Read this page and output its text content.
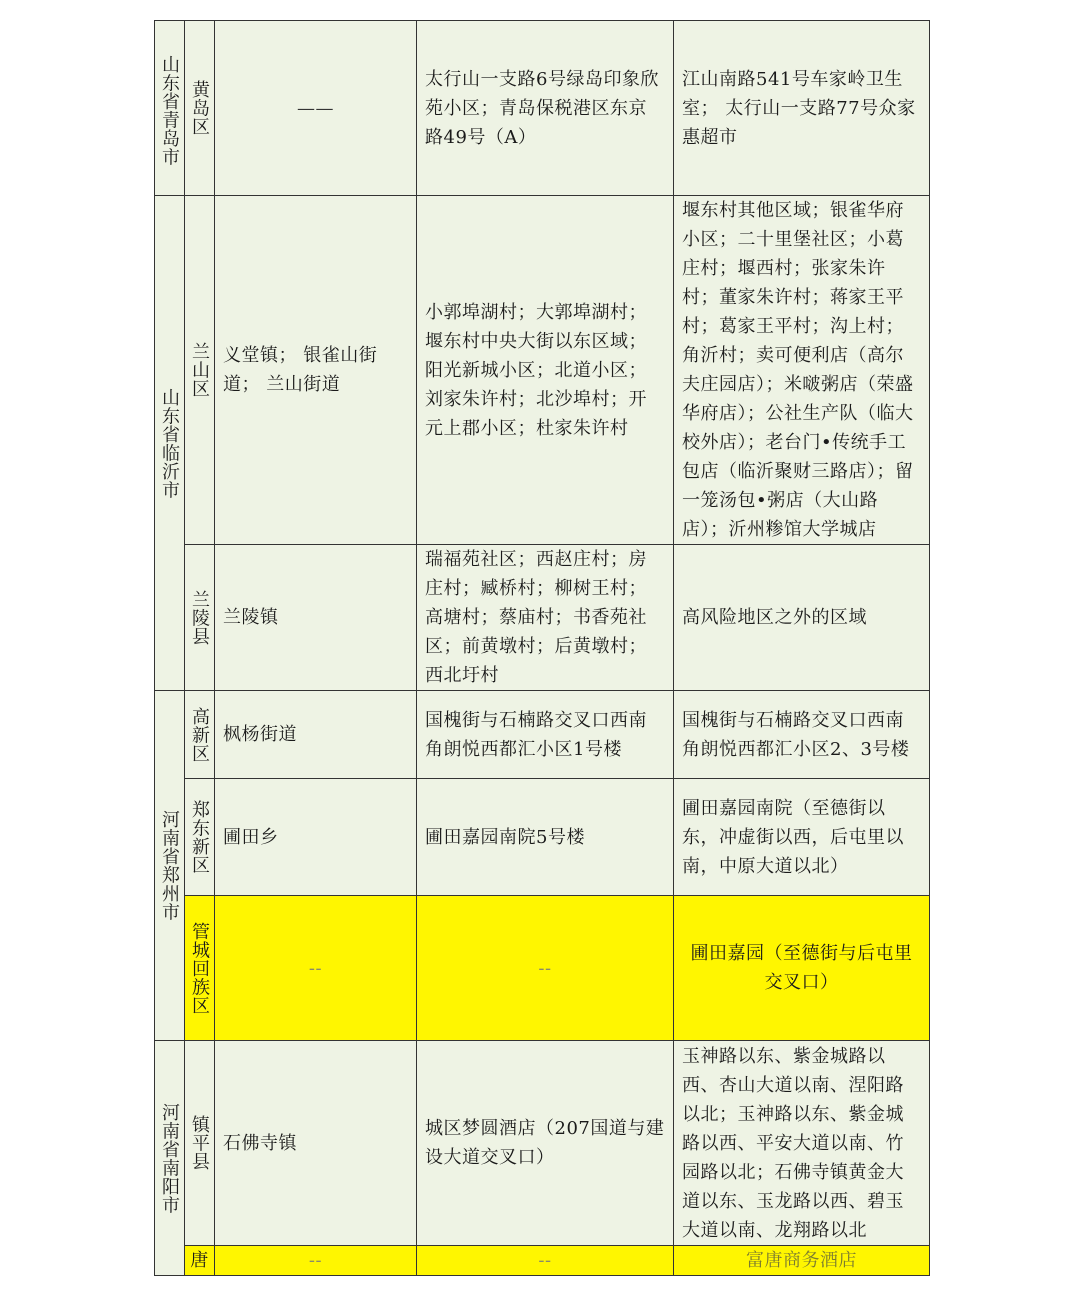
山东省青岛市	黄岛区	——	太行山一支路6号绿岛印象欣苑小区；青岛保税港区东京路49号（A）	江山南路541号车家岭卫生室； 太行山一支路77号众家惠超市
山东省临沂市	兰山区	义堂镇； 银雀山街道； 兰山街道	小郭埠湖村；大郭埠湖村；堰东村中央大街以东区域；阳光新城小区；北道小区；刘家朱许村；北沙埠村；开元上郡小区；杜家朱许村	堰东村其他区域；银雀华府小区；二十里堡社区；小葛庄村；堰西村；张家朱许村；董家朱许村；蒋家王平村；葛家王平村；沟上村；角沂村；卖可便利店（高尔夫庄园店）；米啵粥店（荣盛华府店）；公社生产队（临大校外店）；老台门•传统手工包店（临沂聚财三路店）；留一笼汤包•粥店（大山路店）；沂州糁馆大学城店
	兰陵县	兰陵镇	瑞福苑社区；西赵庄村；房庄村；臧桥村；柳树王村；高塘村；蔡庙村；书香苑社区；前黄墩村；后黄墩村；西北圩村	高风险地区之外的区域
河南省郑州市	高新区	枫杨街道	国槐街与石楠路交叉口西南角朗悦西都汇小区1号楼	国槐街与石楠路交叉口西南角朗悦西都汇小区2、3号楼
	郑东新区	圃田乡	圃田嘉园南院5号楼	圃田嘉园南院（至德街以东，冲虚街以西，后屯里以南，中原大道以北）
	管城回族区	--	--	圃田嘉园（至德街与后屯里交叉口）
河南省南阳市	镇平县	石佛寺镇	城区梦圆酒店（207国道与建设大道交叉口）	玉神路以东、紫金城路以西、杏山大道以南、涅阳路以北；玉神路以东、紫金城路以西、平安大道以南、竹园路以北；石佛寺镇黄金大道以东、玉龙路以西、碧玉大道以南、龙翔路以北
	唐	--	--	富唐商务酒店
